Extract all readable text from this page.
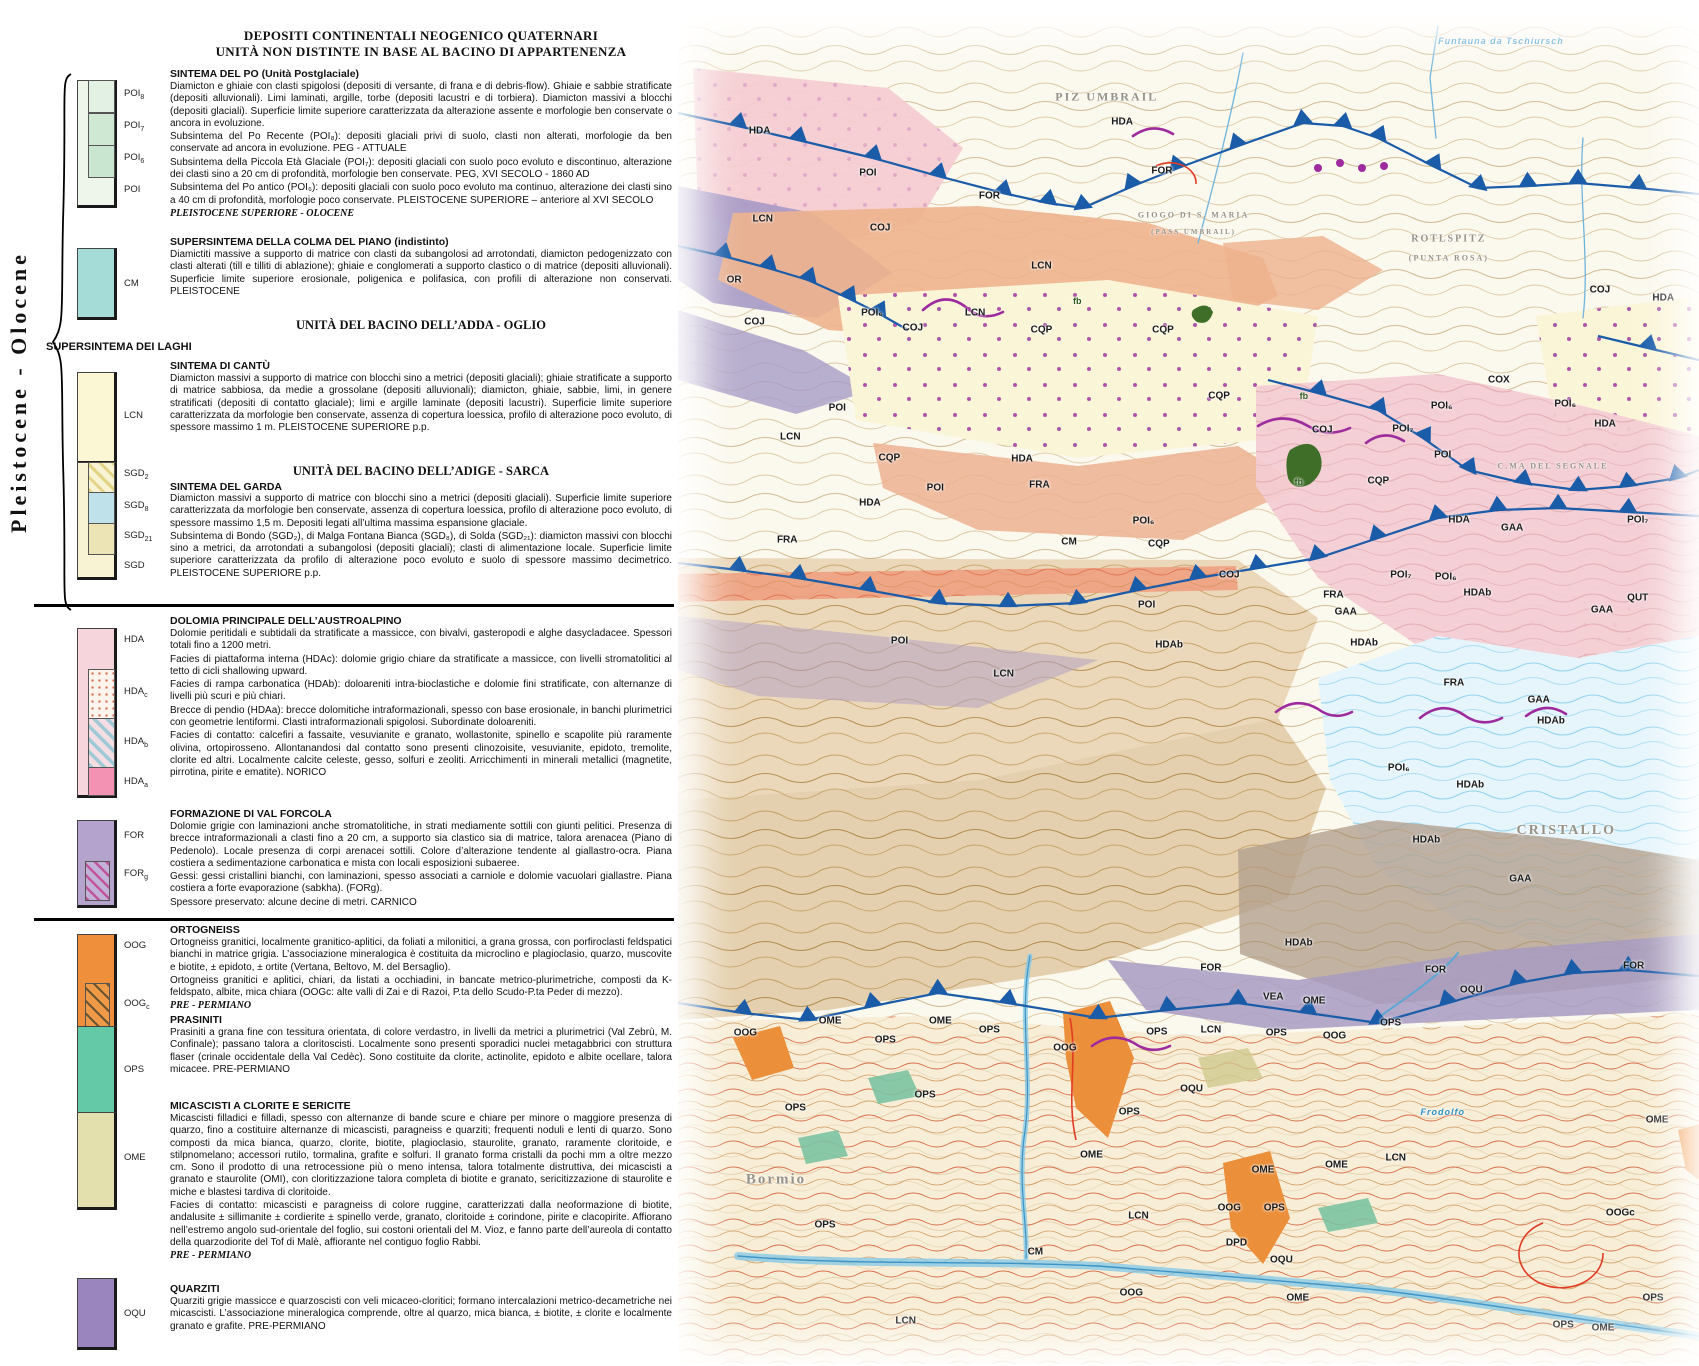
Pleistocene - Olocene
DEPOSITI CONTINENTALI NEOGENICO QUATERNARI
UNITÀ NON DISTINTE IN BASE AL BACINO DI APPARTENENZA
SINTEMA DEL PO (Unità Postglaciale)
$POI_8$
$POI_7$
$POI_6$
POI

Diamicton e ghiaie con clasti spigolosi (depositi di versante, di frana e di debris-flow). Ghiaie e sabbie stratificate (depositi alluvionali). Limi laminati, argille, torbe (depositi lacustri e di torbiera). Diamicton massivi a blocchi (depositi glaciali). Superficie limite superiore caratterizzata da alterazione assente e morfologie ben conservate o ancora in evoluzione.

Subsintema del Po Recente (POI₈): depositi glaciali privi di suolo, clasti non alterati, morfologie da ben conservate ad ancora in evoluzione. PEG - ATTUALE

Subsintema della Piccola Età Glaciale (POI₇): depositi glaciali con suolo poco evoluto e discontinuo, alterazione dei clasti sino a 20 cm di profondità, morfologie ben conservate. PEG, XVI SECOLO - 1860 AD

Subsintema del Po antico (POI₆): depositi glaciali con suolo poco evoluto ma continuo, alterazione dei clasti sino a 40 cm di profondità, morfologie poco conservate. PLEISTOCENE SUPERIORE – anteriore al XVI SECOLO

PLEISTOCENE SUPERIORE - OLOCENE

SUPERSINTEMA DELLA COLMA DEL PIANO (indistinto)
CM

Diamictiti massive a supporto di matrice con clasti da subangolosi ad arrotondati, diamicton pedogenizzato con clasti alterati (till e tilliti di ablazione); ghiaie e conglomerati a supporto clastico o di matrice (depositi alluvionali). Superficie limite superiore erosionale, poligenica e polifasica, con profili di alterazione non conservati. PLEISTOCENE

UNITÀ DEL BACINO DELL’ADDA - OGLIO
SUPERSINTEMA DEI LAGHI
SINTEMA DI CANTÙ
LCN

Diamicton massivi a supporto di matrice con blocchi sino a metrici (depositi glaciali); ghiaie stratificate a supporto di matrice sabbiosa, da medie a grossolane (depositi alluvionali); diamicton, ghiaie, sabbie, limi, in genere stratificati (depositi di contatto glaciale); limi e argille laminate (depositi lacustri). Superficie limite superiore caratterizzata da morfologie ben conservate, assenza di copertura loessica, profilo di alterazione poco evoluto, di spessore massimo 1 m. PLEISTOCENE SUPERIORE p.p.

UNITÀ DEL BACINO DELL’ADIGE - SARCA
SINTEMA DEL GARDA
$SGD_2$
$SGD_8$
$SGD_{21}$
SGD

Diamicton massivi a supporto di matrice con blocchi sino a metrici (depositi glaciali). Superficie limite superiore caratterizzata da morfologie ben conservate, assenza di copertura loessica, profilo di alterazione poco evoluto, di spessore massimo 1,5 m. Depositi legati all’ultima massima espansione glaciale.

Subsintema di Bondo (SGD₂), di Malga Fontana Bianca (SGD₈), di Solda (SGD₂₁): diamicton massivi con blocchi sino a metrici, da arrotondati a subangolosi (depositi glaciali); clasti di alimentazione locale. Superficie limite superiore caratterizzata da profilo di alterazione poco evoluto e suolo di spessore massimo decimetrico. PLEISTOCENE SUPERIORE p.p.

DOLOMIA PRINCIPALE DELL’AUSTROALPINO
HDA
$HDA_c$
$HDA_b$
$HDA_a$

Dolomie peritidali e subtidali da stratificate a massicce, con bivalvi, gasteropodi e alghe dasycladacee. Spessori totali fino a 1200 metri.

Facies di piattaforma interna (HDAc): dolomie grigio chiare da stratificate a massicce, con livelli stromatolitici al tetto di cicli shallowing upward.

Facies di rampa carbonatica (HDAb): doloareniti intra-bioclastiche e dolomie fini stratificate, con alternanze di livelli più scuri e più chiari.

Brecce di pendio (HDAa): brecce dolomitiche intraformazionali, spesso con base erosionale, in banchi plurimetrici con geometrie lentiformi. Clasti intraformazionali spigolosi. Subordinate doloareniti.

Facies di contatto: calcefiri a fassaite, vesuvianite e granato, wollastonite, spinello e scapolite più raramente olivina, ortopirosseno. Allontanandosi dal contatto sono presenti clinozoisite, vesuvianite, epidoto, tremolite, clorite ed altri. Localmente calcite celeste, gesso, solfuri e zeoliti. Arricchimenti in minerali metallici (magnetite, pirrotina, pirite e ematite). NORICO

FORMAZIONE DI VAL FORCOLA
FOR
$FOR_g$

Dolomie grigie con laminazioni anche stromatolitiche, in strati mediamente sottili con giunti pelitici. Presenza di brecce intraformazionali a clasti fino a 20 cm, a supporto sia clastico sia di matrice, talora arenacea (Piano di Pedenolo). Locale presenza di corpi arenacei sottili. Colore d’alterazione tendente al giallastro-ocra. Piana costiera a sedimentazione carbonatica e mista con locali esposizioni subaeree.

Gessi: gessi cristallini bianchi, con laminazioni, spesso associati a carniole e dolomie vacuolari giallastre. Piana costiera a forte evaporazione (sabkha). (FORg).

Spessore preservato: alcune decine di metri. CARNICO

ORTOGNEISS
OOG
$OOG_c$

Ortogneiss granitici, localmente granitico-aplitici, da foliati a milonitici, a grana grossa, con porfiroclasti feldspatici bianchi in matrice grigia. L’associazione mineralogica è costituita da microclino e plagioclasio, quarzo, muscovite e biotite, ± epidoto, ± ortite (Vertana, Beltovo, M. del Bersaglio).

Ortogneiss granitici e aplitici, chiari, da listati a occhiadini, in bancate metrico-plurimetriche, composti da K-feldspato, albite, mica chiara (OOGc: alte valli di Zai e di Razoi, P.ta dello Scudo-P.ta Peder di mezzo).

PRE - PERMIANO

PRASINITI
OPS

Prasiniti a grana fine con tessitura orientata, di colore verdastro, in livelli da metrici a plurimetrici (Val Zebrù, M. Confinale); passano talora a cloritoscisti. Localmente sono presenti sporadici nuclei metagabbrici con struttura flaser (crinale occidentale della Val Cedèc). Sono costituite da clorite, actinolite, epidoto e albite ocellare, talora micacee. PRE-PERMIANO

MICASCISTI A CLORITE E SERICITE
OME

Micascisti filladici e filladi, spesso con alternanze di bande scure e chiare per minore o maggiore presenza di quarzo, fino a costituire alternanze di micascisti, paragneiss e quarziti; frequenti noduli e lenti di quarzo. Sono composti da mica bianca, quarzo, clorite, biotite, plagioclasio, staurolite, granato, raramente cloritoide, e stilpnomelano; accessori rutilo, tormalina, grafite e solfuri. Il granato forma cristalli da pochi mm a oltre mezzo cm. Sono il prodotto di una retrocessione più o meno intensa, talora totalmente distruttiva, dei micascisti a granato e staurolite (OMI), con cloritizzazione talora completa di biotite e granato, sericitizzazione di staurolite e miche e blastesi tardiva di cloritoide.

Facies di contatto: micascisti e paragneiss di colore ruggine, caratterizzati dalla neoformazione di biotite, andalusite ± sillimanite ± cordierite ± spinello verde, granato, cloritoide ± corindone, pirite e clacopirite. Affiorano nell’estremo angolo sud-orientale del foglio, sui costoni orientali del M. Vioz, e fanno parte dell’aureola di contatto della quarzodiorite del Tof di Malè, affiorante nel contiguo foglio Rabbi.

PRE - PERMIANO

QUARZITI
OQU

Quarziti grigie massicce e quarzoscisti con veli micaceo-cloritici; formano intercalazioni metrico-decametriche nei micascisti. L’associazione mineralogica comprende, oltre al quarzo, mica bianca, ± biotite, ± clorite e localmente granato e grafite. PRE-PERMIANO

Funtauna da Tschiursch
PIZ UMBRAIL
GIOGO DI S. MARIA
(PASS UMBRAIL)
ROTLSPITZ
(PUNTA ROSA)
C.MA DEL SEGNALE
CRISTALLO
Bormio
Frodolfo
HDA
HDA
FOR
FOR
POI
LCN
COJ
COJ
HDA
LCN
COJ
POI₆
COJ
LCN
CQP	CQP
fb
OR
CQP	fb
COJ
POI₆
COX
POI₆
HDA
POI₇
POI
CQP
fb
HDA
GAA
POI₇
POI
LCN
CQP
HDA
HDA
POI	FRA
FRA	CM
POI₆
CQP
POI
POI	HDAb
LCN
COJ	POI₇ POI₆
FRA	HDAb
GAA	GAA
QUT
HDAb
FRA
GAA
HDAb
POI₆
HDAb
HDAb
GAA
HDAb
FOR	FOR	FOR
OQU
VEA OME
LCN
OPS	OPS	OOG
OPS
OQU
OPS
OOG
OME	OME
OPS
OPS
OOG
OPS
OPS
OME
OPS
LCN
CM
OOG
LCN
OME	OME
LCN
OME
OOG OPS
DPD
OQU
OME
OOGc
OPS
OPS OME
